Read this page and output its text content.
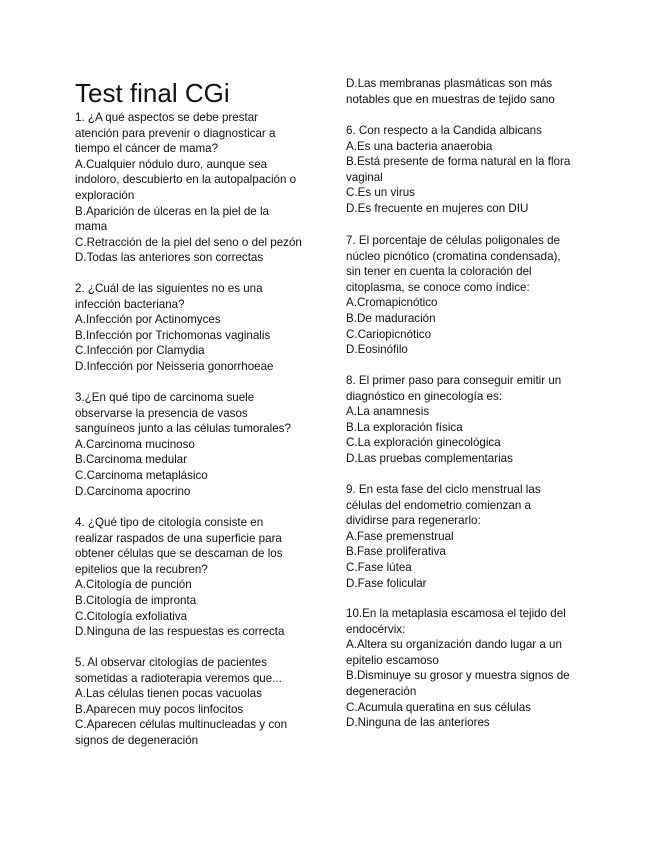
Test final CGi
1. ¿A qué aspectos se debe prestar
atención para prevenir o diagnosticar a
tiempo el cáncer de mama?
A.Cualquier nódulo duro, aunque sea
indoloro, descubierto en la autopalpación o
exploración
B.Aparición de úlceras en la piel de la
mama
C.Retracción de la piel del seno o del pezón
D.Todas las anteriores son correctas
2. ¿Cuál de las siguientes no es una
infección bacteriana?
A.Infección por Actinomyces
B.Infección por Trichomonas vaginalis
C.Infección por Clamydia
D.Infección por Neisseria gonorrhoeae
3.¿En qué tipo de carcinoma suele
observarse la presencia de vasos
sanguíneos junto a las células tumorales?
A.Carcinoma mucinoso
B.Carcinoma medular
C.Carcinoma metaplásico
D.Carcinoma apocrino
4. ¿Qué tipo de citología consiste en
realizar raspados de una superficie para
obtener células que se descaman de los
epitelios que la recubren?
A.Citología de punción
B.Citología de impronta
C.Citología exfoliativa
D.Ninguna de las respuestas es correcta
5. Al observar citologías de pacientes
sometidas a radioterapia veremos que...
A.Las células tienen pocas vacuolas
B.Aparecen muy pocos linfocitos
C.Aparecen células multinucleadas y con
signos de degeneración
D.Las membranas plasmáticas son más
notables que en muestras de tejido sano
6. Con respecto a la Candida albicans
A.Es una bacteria anaerobia
B.Está presente de forma natural en la flora
vaginal
C.Es un virus
D.Es frecuente en mujeres con DIU
7. El porcentaje de células poligonales de
núcleo picnótico (cromatina condensada),
sin tener en cuenta la coloración del
citoplasma, se conoce como índice:
A.Cromapicnótico
B.De maduración
C.Cariopicnótico
D.Eosinófilo
8. El primer paso para conseguir emitir un
diagnóstico en ginecología es:
A.La anamnesis
B.La exploración física
C.La exploración ginecológica
D.Las pruebas complementarias
9. En esta fase del ciclo menstrual las
células del endometrio comienzan a
dividirse para regenerarlo:
A.Fase premenstrual
B.Fase proliferativa
C.Fase lútea
D.Fase folicular
10.En la metaplasia escamosa el tejido del
endocérvix:
A.Altera su organización dando lugar a un
epitelio escamoso
B.Disminuye su grosor y muestra signos de
degeneración
C.Acumula queratina en sus células
D.Ninguna de las anteriores
